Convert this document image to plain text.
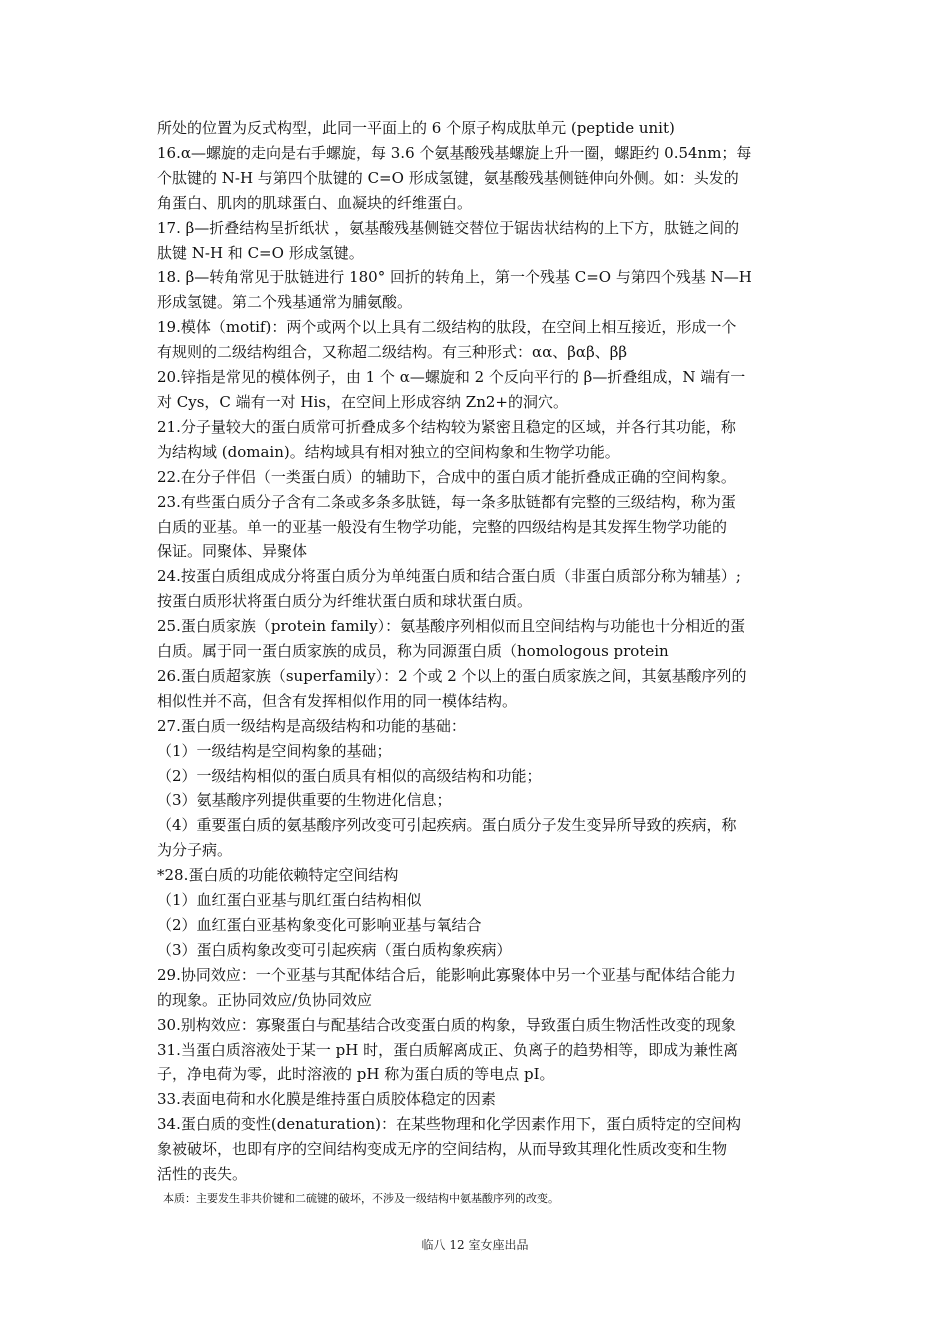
所处的位置为反式构型，此同一平面上的 6 个原子构成肽单元 (peptide unit)

16.α—螺旋的走向是右手螺旋，每 3.6 个氨基酸残基螺旋上升一圈，螺距约 0.54nm；每

个肽键的 N-H 与第四个肽键的 C=O 形成氢键，氨基酸残基侧链伸向外侧。如：头发的

角蛋白、肌肉的肌球蛋白、血凝块的纤维蛋白。

17. β—折叠结构呈折纸状 ，氨基酸残基侧链交替位于锯齿状结构的上下方，肽链之间的

肽键 N-H 和 C=O 形成氢键。

18. β—转角常见于肽链进行 180° 回折的转角上，第一个残基 C=O 与第四个残基 N—H

形成氢键。第二个残基通常为脯氨酸。

19.模体（motif)：两个或两个以上具有二级结构的肽段，在空间上相互接近，形成一个

有规则的二级结构组合，又称超二级结构。有三种形式：αα、βαβ、ββ

20.锌指是常见的模体例子，由 1 个 α—螺旋和 2 个反向平行的 β—折叠组成，N 端有一

对 Cys，C 端有一对 His，在空间上形成容纳 Zn2+的洞穴。

21.分子量较大的蛋白质常可折叠成多个结构较为紧密且稳定的区域，并各行其功能，称

为结构域 (domain)。结构域具有相对独立的空间构象和生物学功能。

22.在分子伴侣（一类蛋白质）的辅助下，合成中的蛋白质才能折叠成正确的空间构象。

23.有些蛋白质分子含有二条或多条多肽链，每一条多肽链都有完整的三级结构，称为蛋

白质的亚基。单一的亚基一般没有生物学功能，完整的四级结构是其发挥生物学功能的

保证。同聚体、异聚体

24.按蛋白质组成成分将蛋白质分为单纯蛋白质和结合蛋白质（非蛋白质部分称为辅基）;

按蛋白质形状将蛋白质分为纤维状蛋白质和球状蛋白质。

25.蛋白质家族（protein family）：氨基酸序列相似而且空间结构与功能也十分相近的蛋

白质。属于同一蛋白质家族的成员，称为同源蛋白质（homologous protein

26.蛋白质超家族（superfamily）：2 个或 2 个以上的蛋白质家族之间，其氨基酸序列的

相似性并不高，但含有发挥相似作用的同一模体结构。

27.蛋白质一级结构是高级结构和功能的基础：

（1）一级结构是空间构象的基础；

（2）一级结构相似的蛋白质具有相似的高级结构和功能；

（3）氨基酸序列提供重要的生物进化信息；

（4）重要蛋白质的氨基酸序列改变可引起疾病。蛋白质分子发生变异所导致的疾病，称

为分子病。

*28.蛋白质的功能依赖特定空间结构

（1）血红蛋白亚基与肌红蛋白结构相似

（2）血红蛋白亚基构象变化可影响亚基与氧结合

（3）蛋白质构象改变可引起疾病（蛋白质构象疾病）

29.协同效应：一个亚基与其配体结合后，能影响此寡聚体中另一个亚基与配体结合能力

的现象。正协同效应/负协同效应

30.别构效应：寡聚蛋白与配基结合改变蛋白质的构象，导致蛋白质生物活性改变的现象

31.当蛋白质溶液处于某一 pH 时，蛋白质解离成正、负离子的趋势相等，即成为兼性离

子，净电荷为零，此时溶液的 pH 称为蛋白质的等电点 pI。

33.表面电荷和水化膜是维持蛋白质胶体稳定的因素

34.蛋白质的变性(denaturation)：在某些物理和化学因素作用下，蛋白质特定的空间构

象被破坏，也即有序的空间结构变成无序的空间结构，从而导致其理化性质改变和生物

活性的丧失。

本质：主要发生非共价键和二硫键的破坏，不涉及一级结构中氨基酸序列的改变。

临八 12 室女座出品
